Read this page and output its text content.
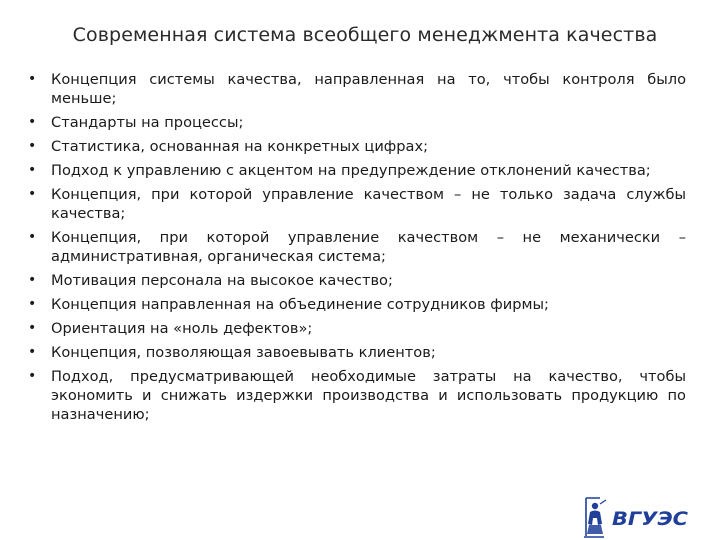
Современная система всеобщего менеджмента качества
• Концепция системы качества, направленная на то, чтобы контроля было меньше;
• Стандарты на процессы;
• Статистика, основанная на конкретных цифрах;
• Подход к управлению с акцентом на предупреждение отклонений качества;
• Концепция, при которой управление качеством – не только задача службы качества;
• Концепция, при которой управление качеством – не механически – административная, органическая система;
• Мотивация персонала на высокое качество;
• Концепция направленная на объединение сотрудников фирмы;
• Ориентация на «ноль дефектов»;
• Концепция, позволяющая завоевывать клиентов;
• Подход, предусматривающей необходимые затраты на качество, чтобы экономить и снижать издержки производства и использовать продукцию по назначению;
ВГУЭС
